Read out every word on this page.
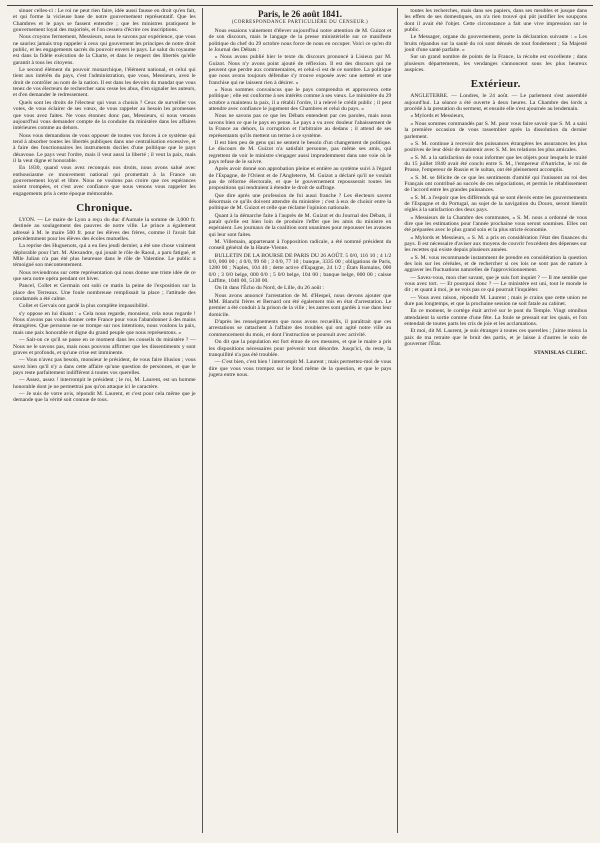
sinuer celles-ci : Le roi ne peut rien faire, idée aussi fausse en droit qu'en fait, et qui forme la vicieuse base de notre gouvernement représentatif. Que les Chambres et le pays se fassent entendre ; que les ministres pratiquent le gouvernement loyal des majorités, et l'on cessera d'écrire ces inscriptions.

Nous croyons fermement, Messieurs, nous le savons par expérience, que vous ne sauriez jamais trop rappeler à ceux qui gouvernent les principes de notre droit public, et les engagements sacrés du pouvoir envers le pays. Le salut du royaume est dans la fidèle exécution de la Charte, et dans le respect des libertés qu'elle garantit à tous les citoyens.

Le second élément du pouvoir monarchique, l'élément national, et celui qui tient aux intérêts du pays, c'est l'administration, que vous, Messieurs, avez le droit de contrôler au nom de la nation. Il est dans les devoirs du mandat que vous tenez de vos électeurs de rechercher sans cesse les abus, d'en signaler les auteurs, et d'en demander le redressement.

Quels sont les droits de l'électeur qui vous a choisis ? Ceux de surveiller vos votes, de vous éclairer de ses vœux, de vous rappeler au besoin les promesses que vous avez faites. Ne vous étonnez donc pas, Messieurs, si nous venons aujourd'hui vous demander compte de la conduite du ministère dans les affaires intérieures comme au dehors.

Nous vous demandons de vous opposer de toutes vos forces à ce système qui tend à absorber toutes les libertés publiques dans une centralisation excessive, et à faire des fonctionnaires les instruments dociles d'une politique que le pays désavoue. Le pays veut l'ordre, mais il veut aussi la liberté ; il veut la paix, mais il la veut digne et honorable.

En 1830, quand vous avez reconquis nos droits, nous avons salué avec enthousiasme ce mouvement national qui promettait à la France un gouvernement loyal et libre. Nous ne voulons pas croire que ces espérances soient trompées, et c'est avec confiance que nous venons vous rappeler les engagements pris à cette époque mémorable.

Chronique.

LYON. — Le maire de Lyon a reçu du duc d'Aumale la somme de 3,000 fr. destinée au soulagement des pauvres de notre ville. Le prince a également adressé à M. le maire 500 fr. pour les élèves des frères, comme il l'avait fait précédemment pour les élèves des écoles mutuelles.

La reprise des Huguenots, qui a eu lieu jeudi dernier, a été une chose vraiment déplorable pour l'art. M. Alexandre, qui jouait le rôle de Raoul, a paru fatigué, et Mlle Julian n'a pas été plus heureuse dans le rôle de Valentine. Le public a témoigné son mécontentement.

Nous reviendrons sur cette représentation qui nous donne une triste idée de ce que sera notre opéra pendant cet hiver.

Pancel, Collet et Germain ont subi ce matin la peine de l'exposition sur la place des Terreaux. Une foule nombreuse remplissait la place ; l'attitude des condamnés a été calme.

Collet et Gervais ont gardé la plus complète impassibilité.

s'y oppose en lui disant : « Cela nous regarde, monsieur, cela nous regarde ! Nous n'avons pas voulu donner cette France pour vous l'abandonner à des mains étrangères. Que personne ne se trompe sur nos intentions, nous voulons la paix, mais une paix honorable et digne du grand peuple que nous représentons. »

— Sait-on ce qu'il se passe en ce moment dans les conseils du ministère ? — Nous ne le savons pas, mais nous pouvons affirmer que les dissentiments y sont graves et profonds, et qu'une crise est imminente.

— Vous n'avez pas besoin, monsieur le président, de vous faire illusion ; vous savez bien qu'il n'y a dans cette affaire qu'une question de personnes, et que le pays reste parfaitement indifférent à toutes vos querelles.

— Assez, assez ! interrompit le président ; le roi, M. Laurent, est un homme honorable dont je ne permettrai pas qu'on attaque ici le caractère.

— Je suis de votre avis, répondit M. Laurent, et c'est pour cela même que je demande que la vérité soit connue de tous.

Paris, le 26 août 1841.
(CORRESPONDANCE PARTICULIÈRE DU CENSEUR.)

Nous essaions vainement d'élever aujourd'hui notre attention de M. Guizot et de son discours, mais le langage de la presse ministérielle sur ce manifeste politique du chef du 29 octobre nous force de nous en occuper. Voici ce qu'en dit le Journal des Débats :

« Nous avons publié hier le texte du discours prononcé à Lisieux par M. Guizot. Nous n'y avons point ajouté de réflexion. Il est des discours qui ne peuvent que perdre aux commentaires, et celui-ci est de ce nombre. La politique que nous avons toujours défendue s'y trouve exposée avec une netteté et une franchise qui ne laissent rien à désirer. »

« Nous sommes convaincus que le pays comprendra et approuvera cette politique ; elle est conforme à ses intérêts comme à ses vœux. Le ministère du 29 octobre a maintenu la paix, il a rétabli l'ordre, il a relevé le crédit public ; il peut attendre avec confiance le jugement des Chambres et celui du pays. »

Nous ne savons pas ce que les Débats entendent par ces paroles, mais nous savons bien ce que le pays en pense. Le pays a vu avec douleur l'abaissement de la France au dehors, la corruption et l'arbitraire au dedans ; il attend de ses représentants qu'ils mettent un terme à ce système.

Il est bien peu de gens qui ne sentent le besoin d'un changement de politique. Le discours de M. Guizot n'a satisfait personne, pas même ses amis, qui regrettent de voir le ministre s'engager aussi imprudemment dans une voie où le pays refuse de le suivre.

Après avoir donné son approbation pleine et entière au système suivi à l'égard de l'Espagne, de l'Orient et de l'Angleterre, M. Guizot a déclaré qu'il ne voulait pas de réforme électorale, et que le gouvernement repousserait toutes les propositions qui tendraient à étendre le droit de suffrage.

Que dire après une profession de foi aussi franche ? Les électeurs savent désormais ce qu'ils doivent attendre du ministère ; c'est à eux de choisir entre la politique de M. Guizot et celle que réclame l'opinion nationale.

Quant à la démarche faite à l'auprès de M. Guizot et du Journal des Débats, il paraît qu'elle est bien loin de produire l'effet que les amis du ministre en espéraient. Les journaux de la coalition sont unanimes pour repousser les avances qui leur sont faites.

M. Villemain, appartenant à l'opposition radicale, a été nommé président du conseil général de la Haute-Vienne.

BULLETIN DE LA BOURSE DE PARIS DU 26 AOÛT. 5 0/0, 116 10 ; 4 1/2 0/0, 000 00 ; 4 0/0, 99 60 ; 3 0/0, 77 10 ; banque, 3335 00 ; obligations de Paris, 1280 00 ; Naples, 104 40 ; dette active d'Espagne, 24 1/2 ; États Romains, 000 0/0 ; 3 0/0 belge, 000 0/0 ; 5 0/0 belge, 104 00 ; banque belge, 000 00 ; caisse Laffitte, 1040 00, 5130 00.

On lit dans l'Écho du Nord, de Lille, du 26 août :

Nous avons annoncé l'arrestation de M. d'Hespel, nous devons ajouter que MM. Blanchi frères et Bernard ont été également mis en état d'arrestation. Le premier a été conduit à la prison de la ville ; les autres sont gardés à vue dans leur domicile.

D'après les renseignements que nous avons recueillis, il paraîtrait que ces arrestations se rattachent à l'affaire des troubles qui ont agité notre ville au commencement du mois, et dont l'instruction se poursuit avec activité.

On dit que la population est fort émue de ces mesures, et que le maire a pris les dispositions nécessaires pour prévenir tout désordre. Jusqu'ici, du reste, la tranquillité n'a pas été troublée.

— C'est bien, c'est bien ! interrompit M. Laurent ; mais permettez-moi de vous dire que vous vous trompez sur le fond même de la question, et que le pays jugera entre nous.

toutes les recherches, mais dans ses papiers, dans ses meubles et jusque dans les effets de ses domestiques, on n'a rien trouvé qui pût justifier les soupçons dont il avait été l'objet. Cette circonstance a fait une vive impression sur le public.

Le Messager, organe du gouvernement, porte la déclaration suivante : « Les bruits répandus sur la santé du roi sont dénués de tout fondement ; Sa Majesté jouit d'une santé parfaite. »

Sur un grand nombre de points de la France, la récolte est excellente ; dans plusieurs départements, les vendanges s'annoncent sous les plus heureux auspices.

Extérieur.

ANGLETERRE. — Londres, le 24 août. — Le parlement s'est assemblé aujourd'hui. La séance a été ouverte à deux heures. La Chambre des lords a procédé à la prestation du serment, et ensuite elle s'est ajournée au lendemain.

« Mylords et Messieurs,

« Nous sommes commandés par S. M. pour vous faire savoir que S. M. a saisi la première occasion de vous rassembler après la dissolution du dernier parlement.

« S. M. continue à recevoir des puissances étrangères les assurances les plus positives de leur désir de maintenir avec S. M. les relations les plus amicales.

« S. M. a la satisfaction de vous informer que les objets pour lesquels le traité du 15 juillet 1840 avait été conclu entre S. M., l'empereur d'Autriche, le roi de Prusse, l'empereur de Russie et le sultan, ont été pleinement accomplis.

« S. M. se félicite de ce que les sentiments d'amitié qui l'unissent au roi des Français ont contribué au succès de ces négociations, et permis le rétablissement de l'accord entre les grandes puissances.

« S. M. a l'espoir que les différends qui se sont élevés entre les gouvernements de l'Espagne et du Portugal, au sujet de la navigation du Douro, seront bientôt réglés à la satisfaction des deux pays.

« Messieurs de la Chambre des communes, « S. M. nous a ordonné de vous dire que les estimations pour l'année prochaine vous seront soumises. Elles ont été préparées avec le plus grand soin et la plus stricte économie.

« Mylords et Messieurs, « S. M. a pris en considération l'état des finances du pays. Il est nécessaire d'aviser aux moyens de couvrir l'excédent des dépenses sur les recettes qui existe depuis plusieurs années.

« S. M. vous recommande instamment de prendre en considération la question des lois sur les céréales, et de rechercher si ces lois ne sont pas de nature à aggraver les fluctuations naturelles de l'approvisionnement.

— Savez-vous, mon cher savant, que je suis fort inquiet ? — Il me semble que vous avez tort. — Et pourquoi donc ? — Le ministère est uni, tout le monde le dit ; et quant à moi, je ne vois pas ce qui pourrait l'inquiéter.

— Vous avez raison, répondit M. Laurent ; mais je crains que cette union ne dure pas longtemps, et que la prochaine session ne soit fatale au cabinet.

En ce moment, le cortège était arrivé sur le pont du Temple. Vingt omnibus attendaient la sortie comme d'une fête. La foule se pressait sur les quais, et l'on entendait de toutes parts les cris de joie et les acclamations.

Et moi, dit M. Laurent, je suis étranger à toutes ces querelles ; j'aime mieux la paix de ma retraite que le bruit des partis, et je laisse à d'autres le soin de gouverner l'État.

STANISLAS CLERC.
